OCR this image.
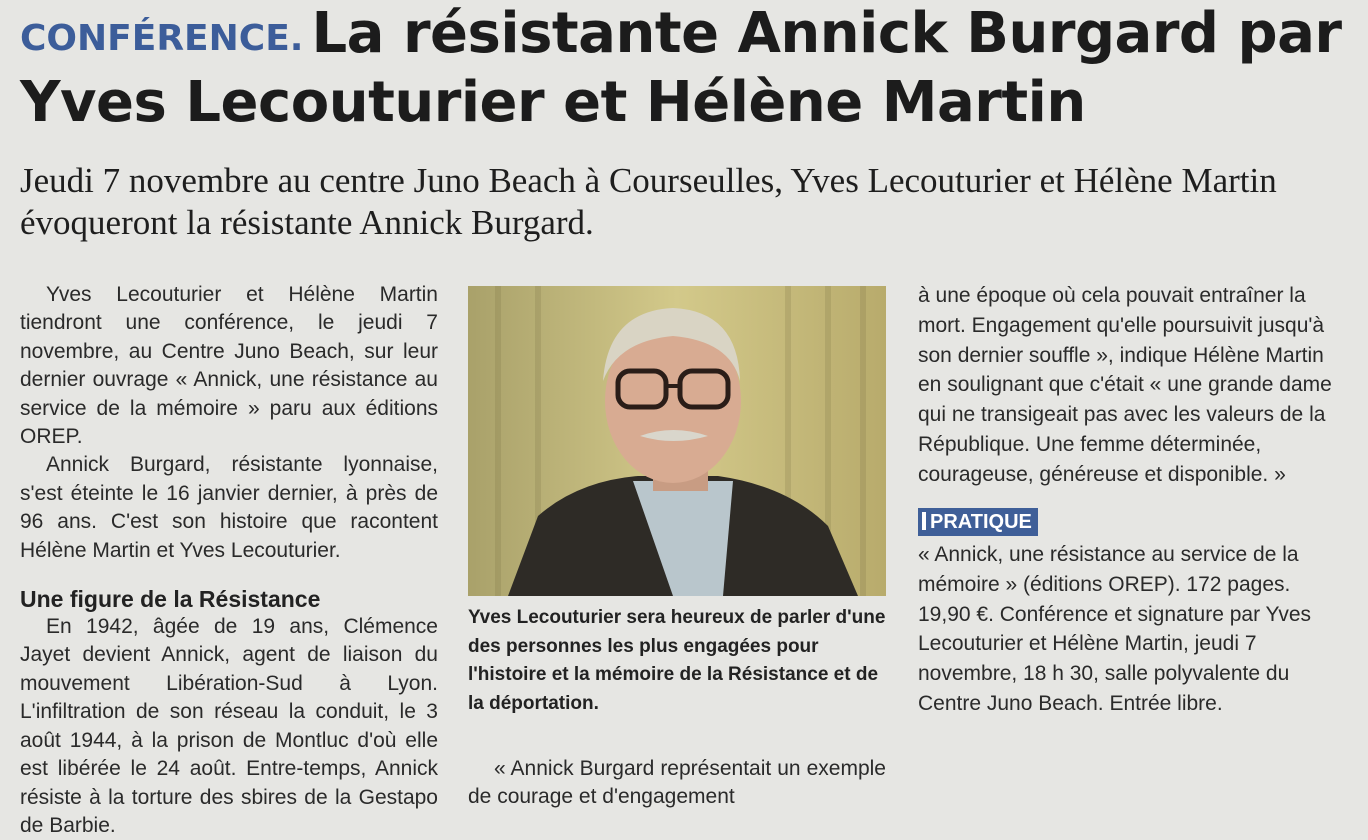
CONFÉRENCE. La résistante Annick Burgard par Yves Lecouturier et Hélène Martin
Jeudi 7 novembre au centre Juno Beach à Courseulles, Yves Lecouturier et Hélène Martin évoqueront la résistante Annick Burgard.

Yves Lecouturier et Hélène Martin tiendront une conférence, le jeudi 7 novembre, au Centre Juno Beach, sur leur dernier ouvrage « Annick, une résistance au service de la mémoire » paru aux éditions OREP.

Annick Burgard, résistante lyonnaise, s'est éteinte le 16 janvier dernier, à près de 96 ans. C'est son histoire que racontent Hélène Martin et Yves Lecouturier.

Une figure de la Résistance

En 1942, âgée de 19 ans, Clémence Jayet devient Annick, agent de liaison du mouvement Libération-Sud à Lyon. L'infiltration de son réseau la conduit, le 3 août 1944, à la prison de Montluc d'où elle est libérée le 24 août. Entre-temps, Annick résiste à la torture des sbires de la Gestapo de Barbie.

Yves Lecouturier sera heureux de parler d'une des personnes les plus engagées pour l'histoire et la mémoire de la Résistance et de la déportation.
« Annick Burgard représentait un exemple de courage et d'engagement
à une époque où cela pouvait entraîner la mort. Engagement qu'elle poursuivit jusqu'à son dernier souffle », indique Hélène Martin en soulignant que c'était « une grande dame qui ne transigeait pas avec les valeurs de la République. Une femme déterminée, courageuse, généreuse et disponible. »
PRATIQUE
« Annick, une résistance au service de la mémoire » (éditions OREP). 172 pages. 19,90 €. Conférence et signature par Yves Lecouturier et Hélène Martin, jeudi 7 novembre, 18 h 30, salle polyvalente du Centre Juno Beach. Entrée libre.
